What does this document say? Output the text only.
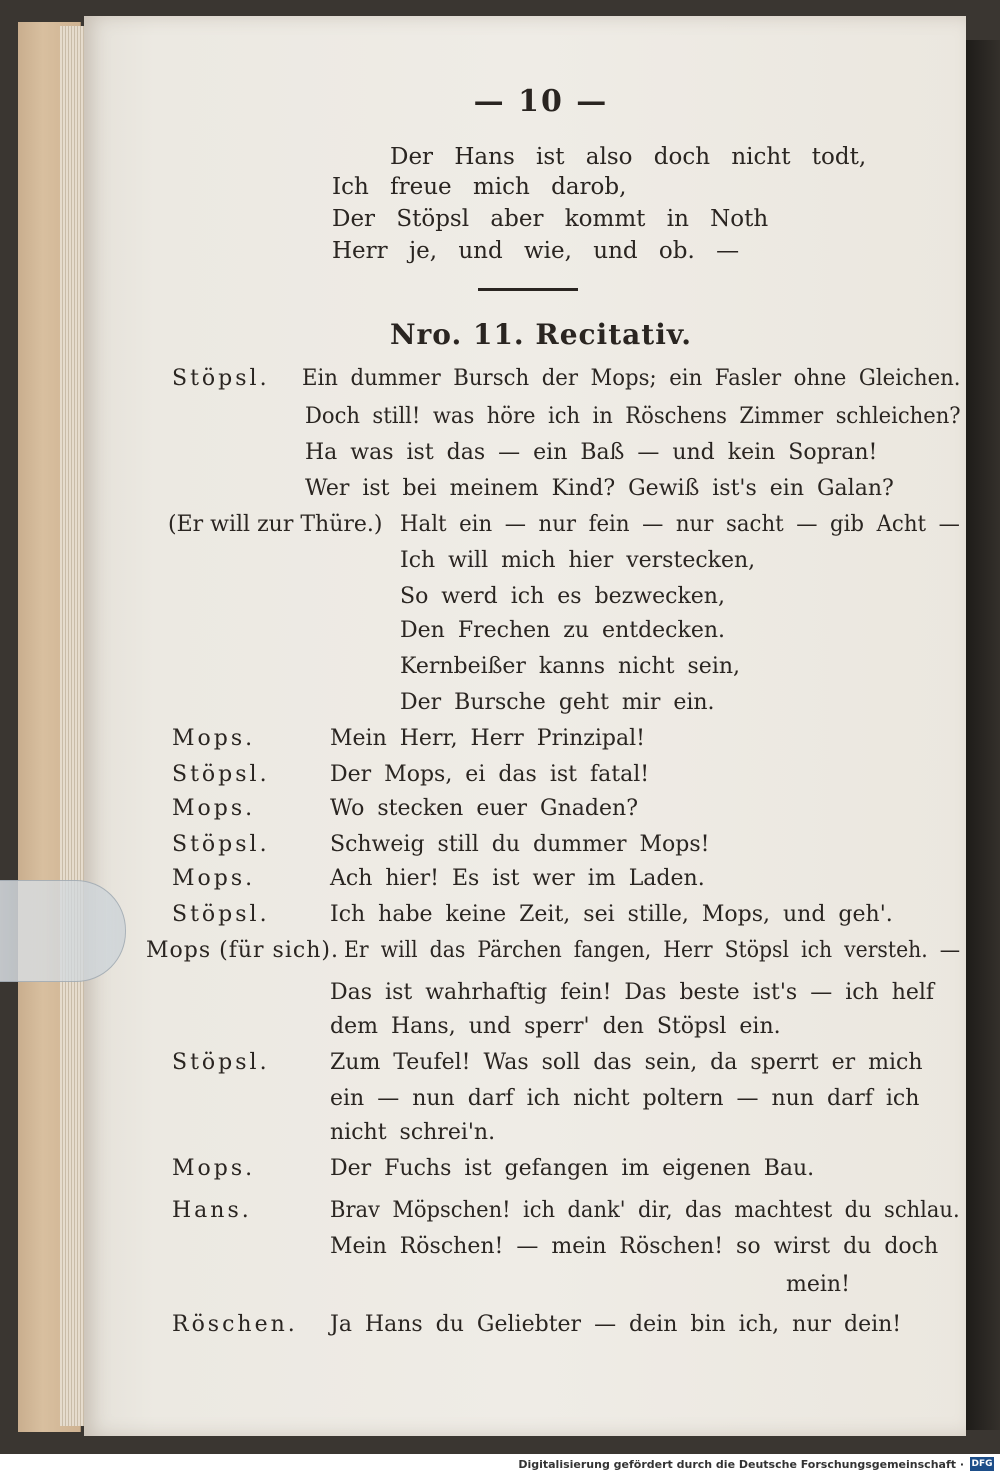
— 10 —
Der Hans ist also doch nicht todt,
Ich freue mich darob,
Der Stöpsl aber kommt in Noth
Herr je, und wie, und ob. —
Nro. 11. Recitativ.
Stöpsl. Ein dummer Bursch der Mops; ein Fasler ohne Gleichen.
Doch still! was höre ich in Röschens Zimmer schleichen?
Ha was ist das — ein Baß — und kein Sopran!
Wer ist bei meinem Kind? Gewiß ist's ein Galan?
(Er will zur Thüre.) Halt ein — nur fein — nur sacht — gib Acht —
Ich will mich hier verstecken,
So werd ich es bezwecken,
Den Frechen zu entdecken.
Kernbeißer kanns nicht sein,
Der Bursche geht mir ein.
Mops.	Mein Herr, Herr Prinzipal!
Stöpsl.	Der Mops, ei das ist fatal!
Mops.	Wo stecken euer Gnaden?
Stöpsl.	Schweig still du dummer Mops!
Mops.	Ach hier! Es ist wer im Laden.
Stöpsl.	Ich habe keine Zeit, sei stille, Mops, und geh'.
Mops (für sich). Er will das Pärchen fangen, Herr Stöpsl ich versteh. —
Das ist wahrhaftig fein! Das beste ist's — ich helf
dem Hans, und sperr' den Stöpsl ein.
Stöpsl.	Zum Teufel! Was soll das sein, da sperrt er mich
ein — nun darf ich nicht poltern — nun darf ich
nicht schrei'n.
Mops.	Der Fuchs ist gefangen im eigenen Bau.
Hans.	Brav Möpschen! ich dank' dir, das machtest du schlau.
Mein Röschen! — mein Röschen! so wirst du doch
mein!
Röschen. Ja Hans du Geliebter — dein bin ich, nur dein!
Digitalisierung gefördert durch die Deutsche Forschungsgemeinschaft · DFG
